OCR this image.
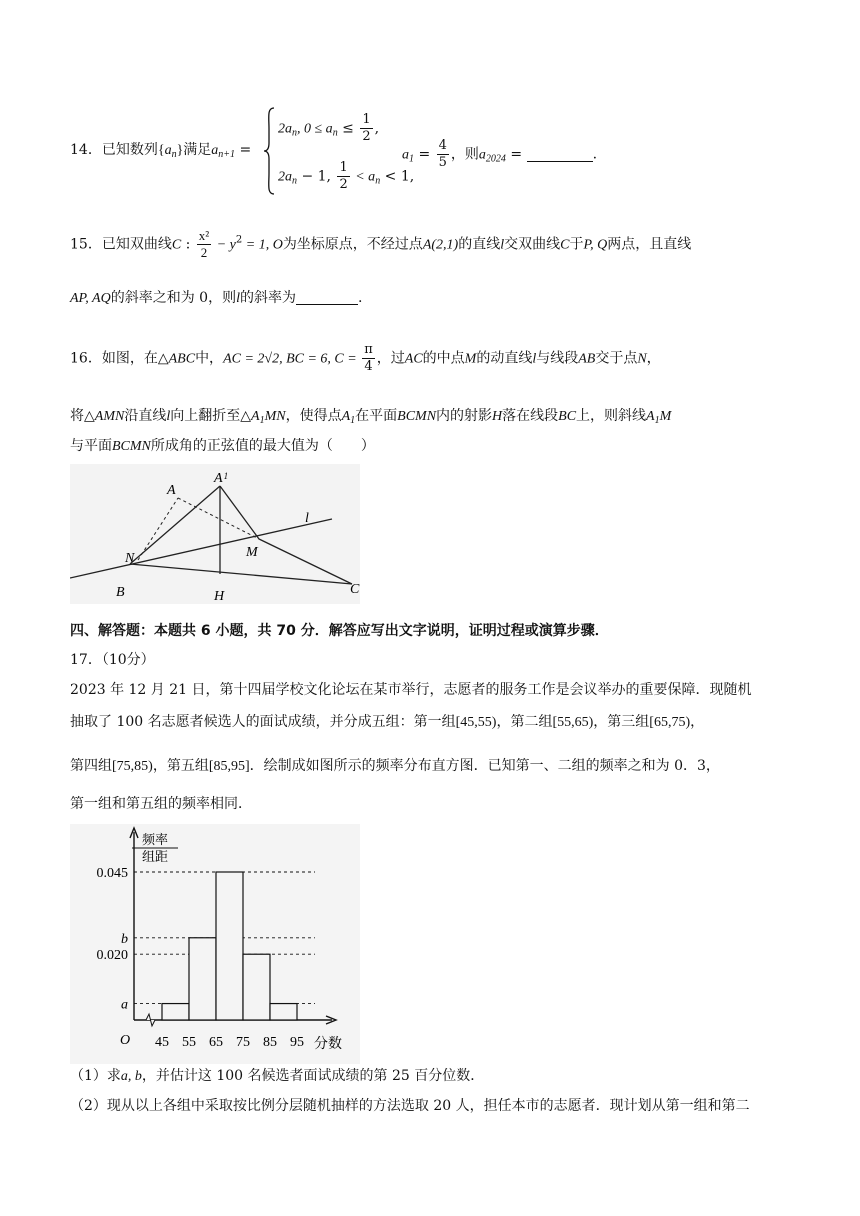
14．已知数列$\{a_n\}$满足$a_{n+1}$ =
$2a_n$, $0 \le a_n \le \frac{1}{2}$ ,
$2a_n - 1$, $\frac{1}{2} < a_n < 1$,
$a_1 = \frac{4}{5}$ ，则$a_{2024}$ =	.
15．已知双曲线C : $\frac{\text{x²}}{2} - y^2 = 1$, O为坐标原点，不经过点A(2,1)的直线l交双曲线C于P, Q两点，且直线
AP, AQ的斜率之和为 0，则l的斜率为	.
16．如图，在△ABC中，AC = 2√2, BC = 6, $C = \frac{\pi}{4}$ ，过AC的中点M的动直线l与线段AB交于点N，
将△AMN沿直线l向上翻折至$\triangle A_1MN$，使得点$A_1$在平面BCMN内的射影H落在线段BC上，则斜线$A_1M$
与平面BCMN所成角的正弦值的最大值为（　　）
A
$A^1$
l
N	M
B	H	C
四、解答题：本题共 6 小题，共 70 分．解答应写出文字说明，证明过程或演算步骤．
17．（10分）
2023 年 12 月 21 日，第十四届学校文化论坛在某市举行，志愿者的服务工作是会议举办的重要保障．现随机
抽取了 100 名志愿者候选人的面试成绩，并分成五组：第一组[45,55)，第二组[55,65)，第三组[65,75)，
第四组[75,85)，第五组[85,95]．绘制成如图所示的频率分布直方图．已知第一、二组的频率之和为 0．3，
第一组和第五组的频率相同．
频率
组距
O	分数
a
0.020
b
0.045
45 55 65 75 85 95
（1）求a, b，并估计这 100 名候选者面试成绩的第 25 百分位数．
（2）现从以上各组中采取按比例分层随机抽样的方法选取 20 人，担任本市的志愿者．现计划从第一组和第二
